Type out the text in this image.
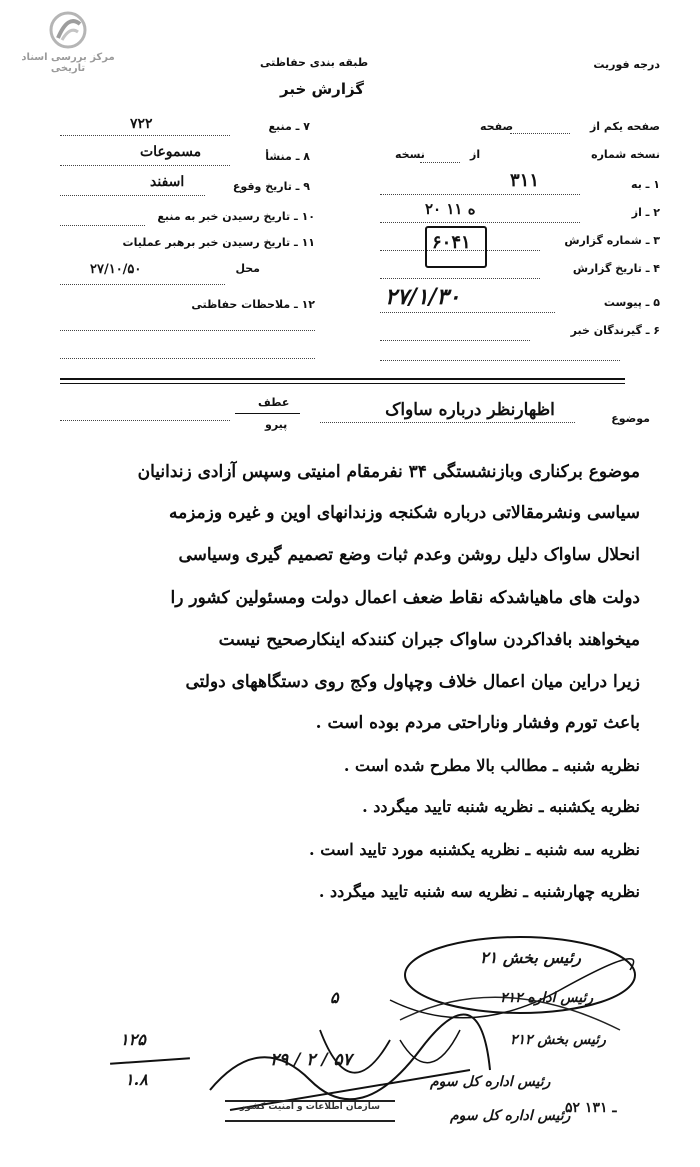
مرکز بررسی اسناد تاریخی	طبقه بندی حفاظتی
گزارش خبر
درجه فوریت
۷ ـ منبع
۷۲۲
۸ ـ منشأ
مسموعات
۹ ـ تاریخ وقوع
اسفند
۱۰ ـ تاریخ رسیدن خبر به منبع
۱۱ ـ تاریخ رسیدن خبر برهبر عملیات
محل
۲۷/۱۰/۵۰
۱۲ ـ ملاحظات حفاظتی
صفحه یکم از
صفحه
نسخه شماره
از
نسخه
۱ ـ به
۳۱۱
۲ ـ از
۲۰ ه ۱۱
۳ ـ شماره گزارش
۶۰۴۱
۴ ـ تاریخ گزارش
۵ ـ پیوست
۲۷/۱/۳۰
۶ ـ گیرندگان خبر
موضوع
اظهارنظر درباره ساواک
عطف
پیرو
موضوع برکناری وبازنشستگی ۳۴ نفرمقام امنیتی وسپس آزادی زندانیان
سیاسی ونشرمقالاتی درباره شکنجه وزندانهای اوین و غیره وزمزمه
انحلال ساواک دلیل روشن وعدم ثبات وضع تصمیم گیری وسیاسی
دولت های ماهیاشدکه نقاط ضعف اعمال دولت ومسئولین کشور را
میخواهند بافداکردن ساواک جبران کنندکه اینکارصحیح نیست
زیرا دراین میان اعمال خلاف وچپاول وکج روی دستگاههای دولتی
باعث تورم وفشار وناراحتی مردم بوده است .
نظریه شنبه ـ مطالب بالا مطرح شده است .
نظریه یکشنبه ـ نظریه شنبه تایید میگردد .
نظریه سه شنبه ـ نظریه یکشنبه مورد تایید است .
نظریه چهارشنبه ـ نظریه سه شنبه تایید میگردد .
رئیس بخش ۲۱
رئیس اداره ۲۱۲
رئیس بخش ۲۱۲
رئیس اداره کل سوم
رئیس اداره کل سوم
۵
۲۹ / ۲ / ۵۷
۱۲۵
۱.۸
سازمان اطلاعات و امنیت کشور	۵۲ ـ ۱۳۱
